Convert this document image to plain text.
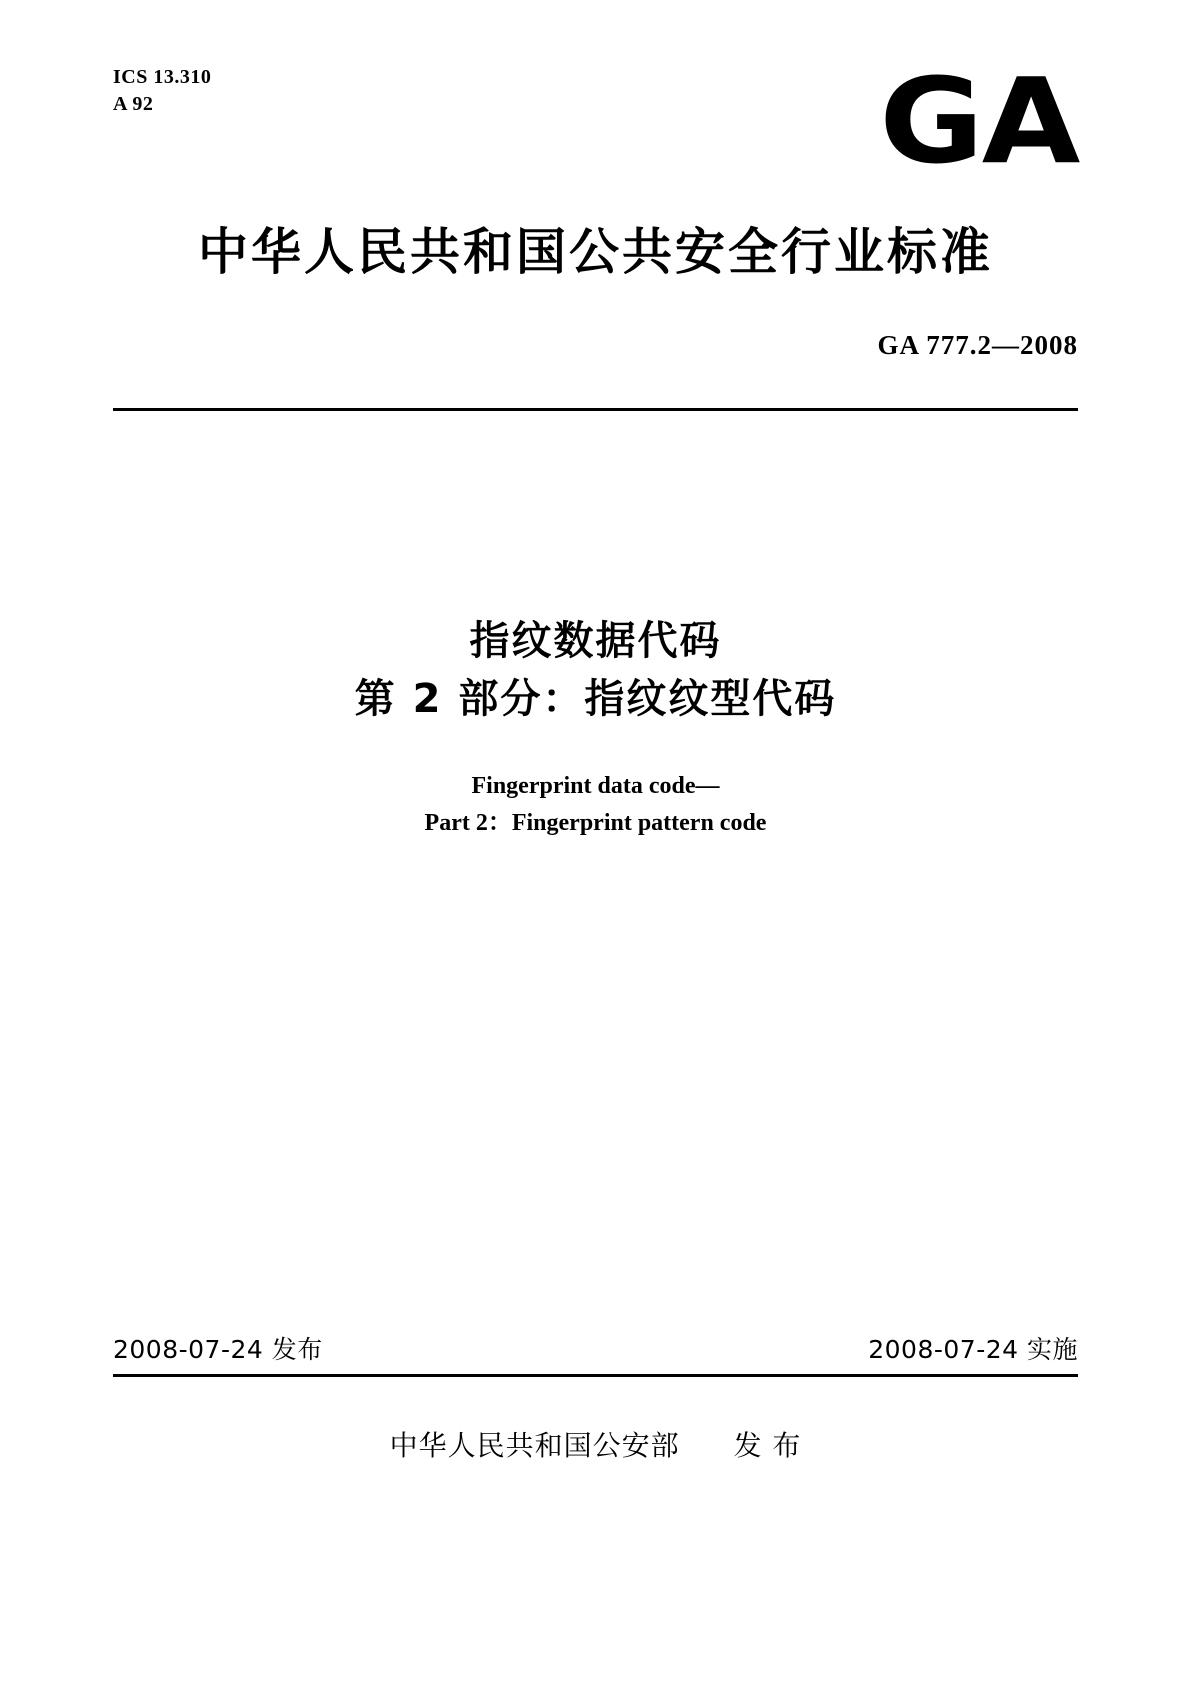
ICS 13.310
A 92	GA
中华人民共和国公共安全行业标准
GA 777.2—2008
指纹数据代码
第 2 部分：指纹纹型代码
Fingerprint data code—
Part 2：Fingerprint pattern code
2008-07-24 发布	2008-07-24 实施
中华人民共和国公安部 发 布
